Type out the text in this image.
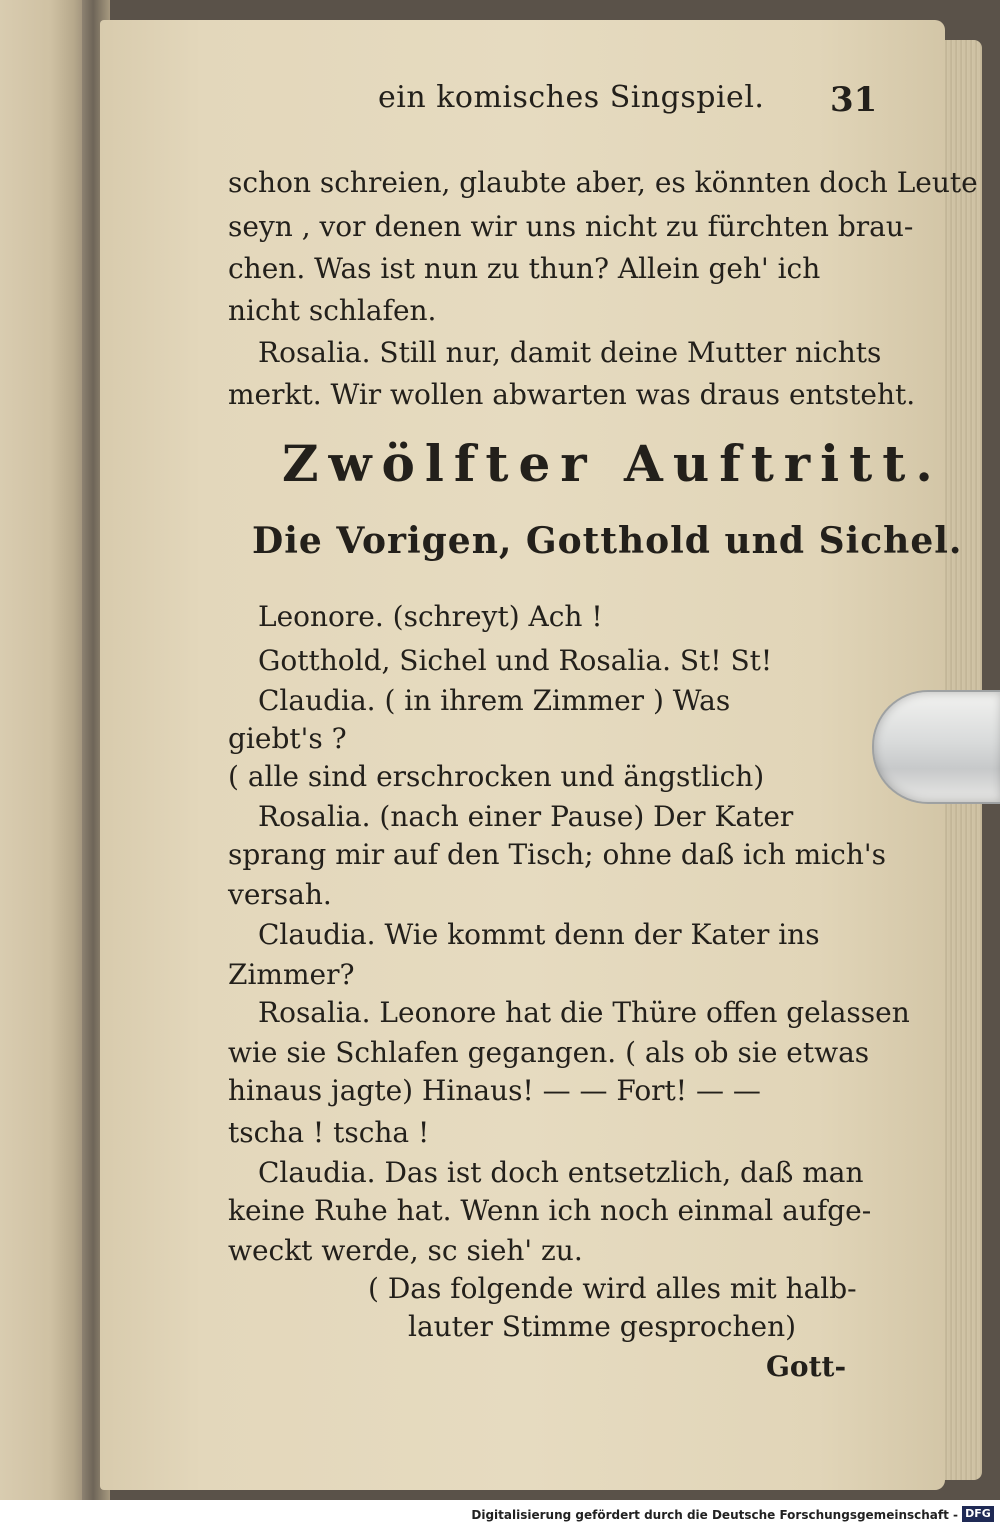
ein komisches Singspiel. 31
schon schreien, glaubte aber, es könnten doch Leute
seyn , vor denen wir uns nicht zu fürchten brau-
chen. Was ist nun zu thun? Allein geh' ich
nicht schlafen.
Rosalia. Still nur, damit deine Mutter nichts
merkt. Wir wollen abwarten was draus entsteht.
Zwölfter Auftritt.
Die Vorigen, Gotthold und Sichel.
Leonore. (schreyt) Ach !
Gotthold, Sichel und Rosalia. St! St!
Claudia. ( in ihrem Zimmer ) Was
giebt's ?
( alle sind erschrocken und ängstlich)
Rosalia. (nach einer Pause) Der Kater
sprang mir auf den Tisch; ohne daß ich mich's
versah.
Claudia. Wie kommt denn der Kater ins
Zimmer?
Rosalia. Leonore hat die Thüre offen gelassen
wie sie Schlafen gegangen. ( als ob sie etwas
hinaus jagte) Hinaus! — — Fort! — —
tscha ! tscha !
Claudia. Das ist doch entsetzlich, daß man
keine Ruhe hat. Wenn ich noch einmal aufge-
weckt werde, sc sieh' zu.
( Das folgende wird alles mit halb-
lauter Stimme gesprochen)
Gott-
Digitalisierung gefördert durch die Deutsche Forschungsgemeinschaft - DFG
